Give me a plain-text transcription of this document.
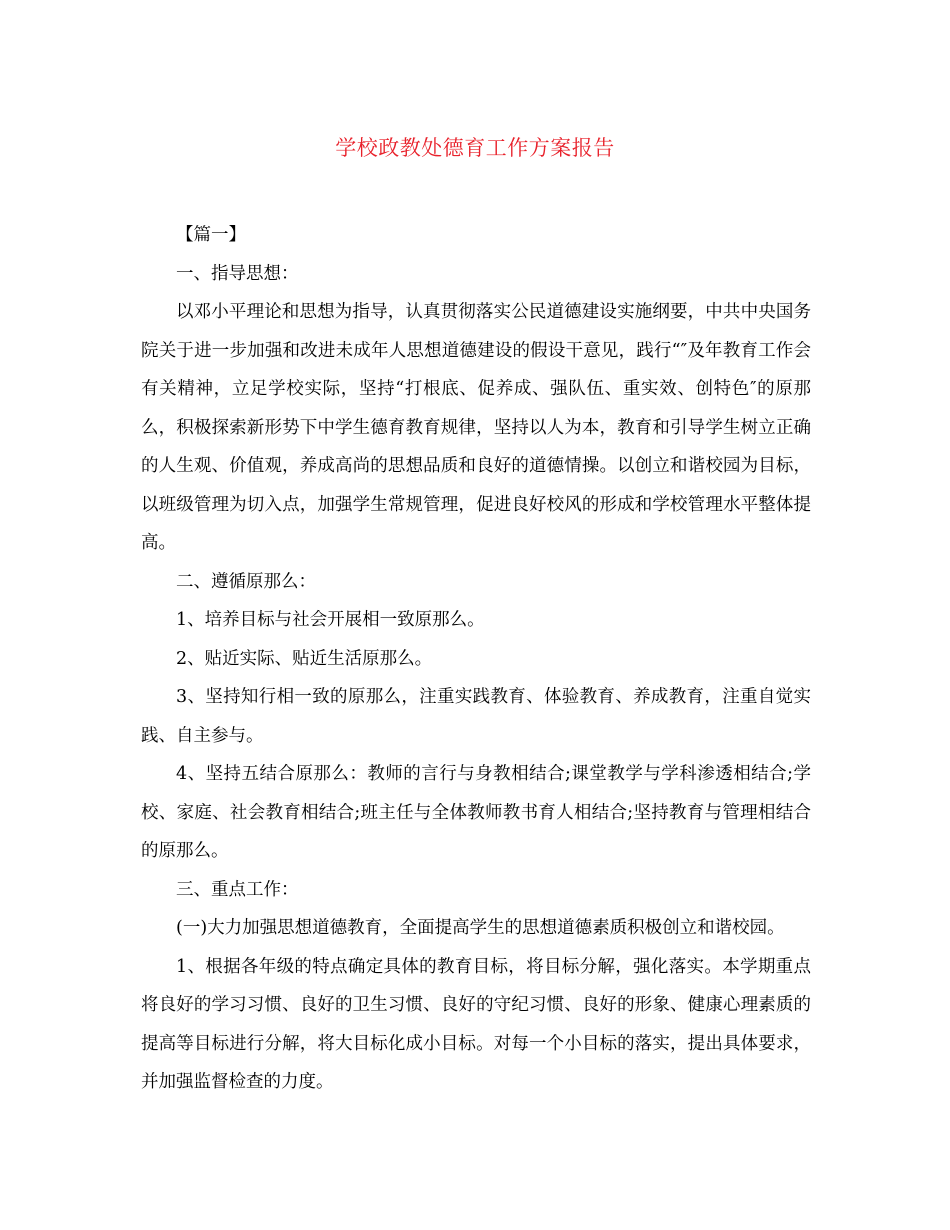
学校政教处德育工作方案报告

【篇一】

一、指导思想：

以邓小平理论和思想为指导，认真贯彻落实公民道德建设实施纲要，中共中央国务院关于进一步加强和改进未成年人思想道德建设的假设干意见，践行“″及年教育工作会有关精神，立足学校实际，坚持“打根底、促养成、强队伍、重实效、创特色″的原那么，积极探索新形势下中学生德育教育规律，坚持以人为本，教育和引导学生树立正确的人生观、价值观，养成高尚的思想品质和良好的道德情操。以创立和谐校园为目标，以班级管理为切入点，加强学生常规管理，促进良好校风的形成和学校管理水平整体提高。

二、遵循原那么：

1、培养目标与社会开展相一致原那么。

2、贴近实际、贴近生活原那么。

3、坚持知行相一致的原那么，注重实践教育、体验教育、养成教育，注重自觉实践、自主参与。

4、坚持五结合原那么：教师的言行与身教相结合;课堂教学与学科渗透相结合;学校、家庭、社会教育相结合;班主任与全体教师教书育人相结合;坚持教育与管理相结合的原那么。

三、重点工作：

(一)大力加强思想道德教育，全面提高学生的思想道德素质积极创立和谐校园。

1、根据各年级的特点确定具体的教育目标，将目标分解，强化落实。本学期重点将良好的学习习惯、良好的卫生习惯、良好的守纪习惯、良好的形象、健康心理素质的提高等目标进行分解，将大目标化成小目标。对每一个小目标的落实，提出具体要求，并加强监督检查的力度。
